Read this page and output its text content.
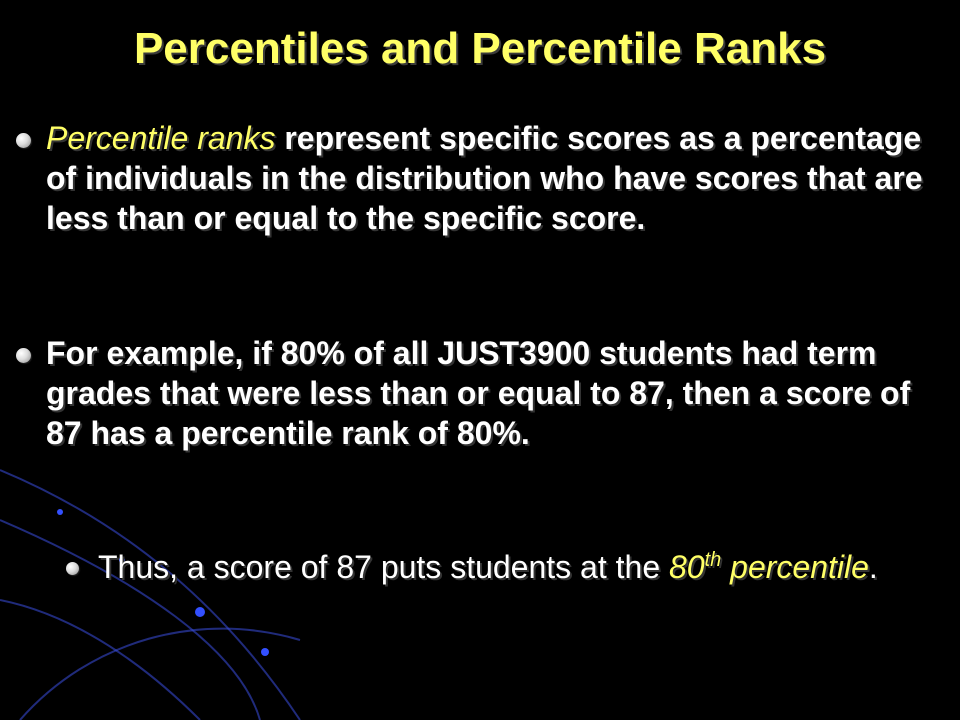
Percentiles and Percentile Ranks
Percentile ranks represent specific scores as a percentage of individuals in the distribution who have scores that are less than or equal to the specific score.
For example, if 80% of all JUST3900 students had term grades that were less than or equal to 87, then a score of 87 has a percentile rank of 80%.
Thus, a score of 87 puts students at the 80th percentile.
